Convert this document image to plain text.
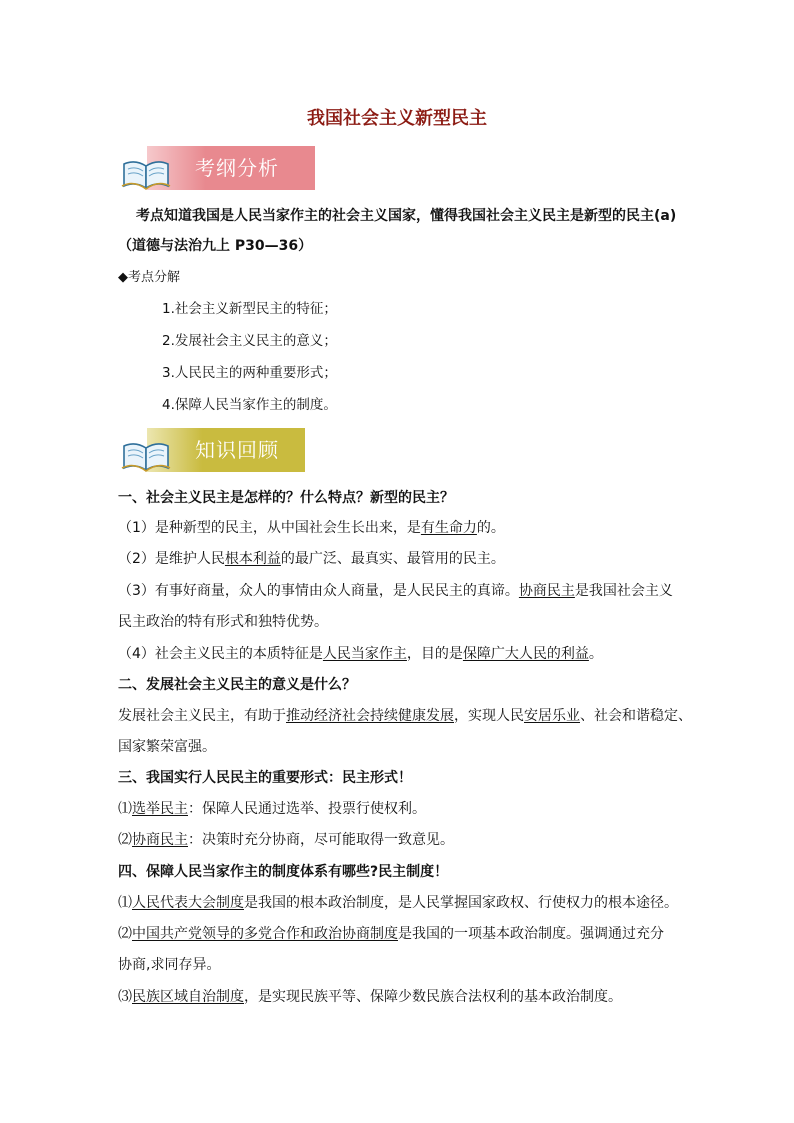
我国社会主义新型民主
考纲分析
考点知道我国是人民当家作主的社会主义国家，懂得我国社会主义民主是新型的民主(a)
（道德与法治九上 P30—36）
◆考点分解
1.社会主义新型民主的特征；
2.发展社会主义民主的意义；
3.人民民主的两种重要形式；
4.保障人民当家作主的制度。
知识回顾
一、社会主义民主是怎样的？什么特点？新型的民主？
（1）是种新型的民主，从中国社会生长出来，是有生命力的。
（2）是维护人民根本利益的最广泛、最真实、最管用的民主。
（3）有事好商量，众人的事情由众人商量，是人民民主的真谛。协商民主是我国社会主义
民主政治的特有形式和独特优势。
（4）社会主义民主的本质特征是人民当家作主，目的是保障广大人民的利益。
二、发展社会主义民主的意义是什么？
发展社会主义民主，有助于推动经济社会持续健康发展，实现人民安居乐业、社会和谐稳定、
国家繁荣富强。
三、我国实行人民民主的重要形式：民主形式！
⑴选举民主：保障人民通过选举、投票行使权利。
⑵协商民主：决策时充分协商，尽可能取得一致意见。
四、保障人民当家作主的制度体系有哪些?民主制度！
⑴人民代表大会制度是我国的根本政治制度，是人民掌握国家政权、行使权力的根本途径。
⑵中国共产党领导的多党合作和政治协商制度是我国的一项基本政治制度。强调通过充分
协商,求同存异。
⑶民族区域自治制度，是实现民族平等、保障少数民族合法权利的基本政治制度。
